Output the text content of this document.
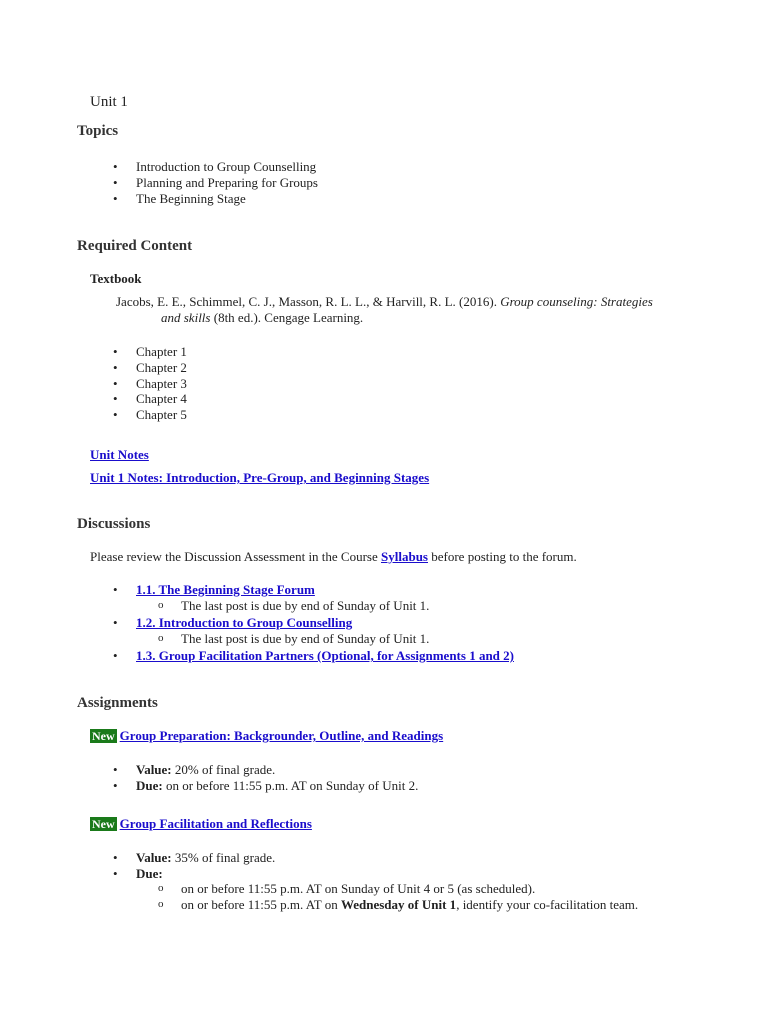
Unit 1
Topics
• Introduction to Group Counselling
• Planning and Preparing for Groups
• The Beginning Stage
Required Content
Textbook
Jacobs, E. E., Schimmel, C. J., Masson, R. L. L., & Harvill, R. L. (2016). Group counseling: Strategies
and skills (8th ed.). Cengage Learning.
• Chapter 1
• Chapter 2
• Chapter 3
• Chapter 4
• Chapter 5
Unit Notes
Unit 1 Notes: Introduction, Pre-Group, and Beginning Stages
Discussions
Please review the Discussion Assessment in the Course Syllabus before posting to the forum.
• 1.1. The Beginning Stage Forum
o The last post is due by end of Sunday of Unit 1.
• 1.2. Introduction to Group Counselling
o The last post is due by end of Sunday of Unit 1.
• 1.3. Group Facilitation Partners (Optional, for Assignments 1 and 2)
Assignments
New Group Preparation: Backgrounder, Outline, and Readings
• Value: 20% of final grade.
• Due: on or before 11:55 p.m. AT on Sunday of Unit 2.
New Group Facilitation and Reflections
• Value: 35% of final grade.
• Due:
o on or before 11:55 p.m. AT on Sunday of Unit 4 or 5 (as scheduled).
o on or before 11:55 p.m. AT on Wednesday of Unit 1, identify your co-facilitation team.
